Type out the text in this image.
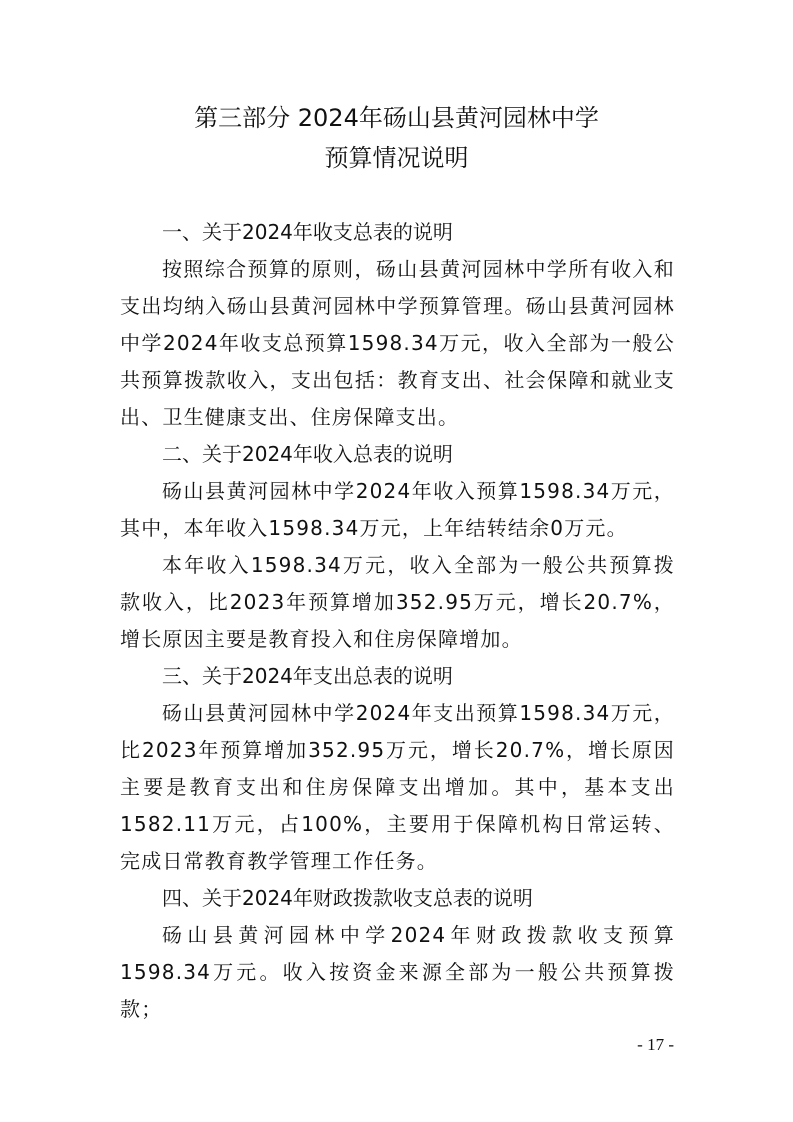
第三部分 2024年砀山县黄河园林中学
预算情况说明
一、关于2024年收支总表的说明

按照综合预算的原则，砀山县黄河园林中学所有收入和支出均纳入砀山县黄河园林中学预算管理。砀山县黄河园林中学2024年收支总预算1598.34万元，收入全部为一般公共预算拨款收入，支出包括：教育支出、社会保障和就业支出、卫生健康支出、住房保障支出。

二、关于2024年收入总表的说明

砀山县黄河园林中学2024年收入预算1598.34万元，其中，本年收入1598.34万元，上年结转结余0万元。

本年收入1598.34万元，收入全部为一般公共预算拨款收入，比2023年预算增加352.95万元，增长20.7%，增长原因主要是教育投入和住房保障增加。

三、关于2024年支出总表的说明

砀山县黄河园林中学2024年支出预算1598.34万元，比2023年预算增加352.95万元，增长20.7%，增长原因主要是教育支出和住房保障支出增加。其中，基本支出1582.11万元，占100%，主要用于保障机构日常运转、完成日常教育教学管理工作任务。

四、关于2024年财政拨款收支总表的说明

砀山县黄河园林中学2024年财政拨款收支预算1598.34万元。收入按资金来源全部为一般公共预算拨款；

- 17 -
